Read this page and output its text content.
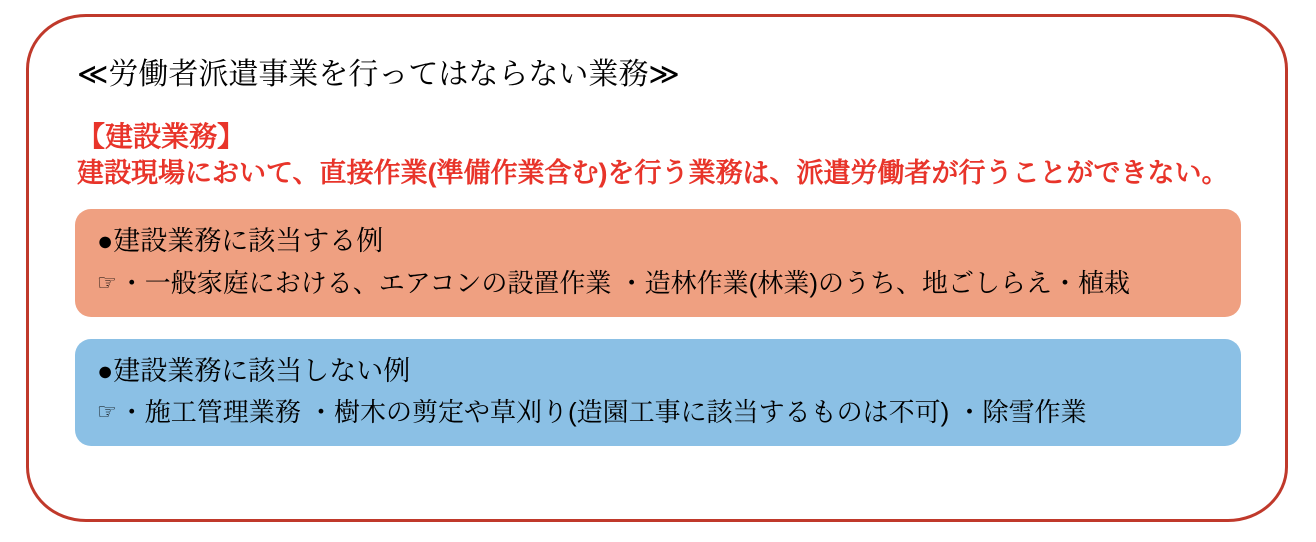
≪労働者派遣事業を行ってはならない業務≫
【建設業務】
建設現場において、直接作業(準備作業含む)を行う業務は、派遣労働者が行うことができない。
●建設業務に該当する例
☞・一般家庭における、エアコンの設置作業 ・造林作業(林業)のうち、地ごしらえ・植栽
●建設業務に該当しない例
☞・施工管理業務 ・樹木の剪定や草刈り(造園工事に該当するものは不可) ・除雪作業
